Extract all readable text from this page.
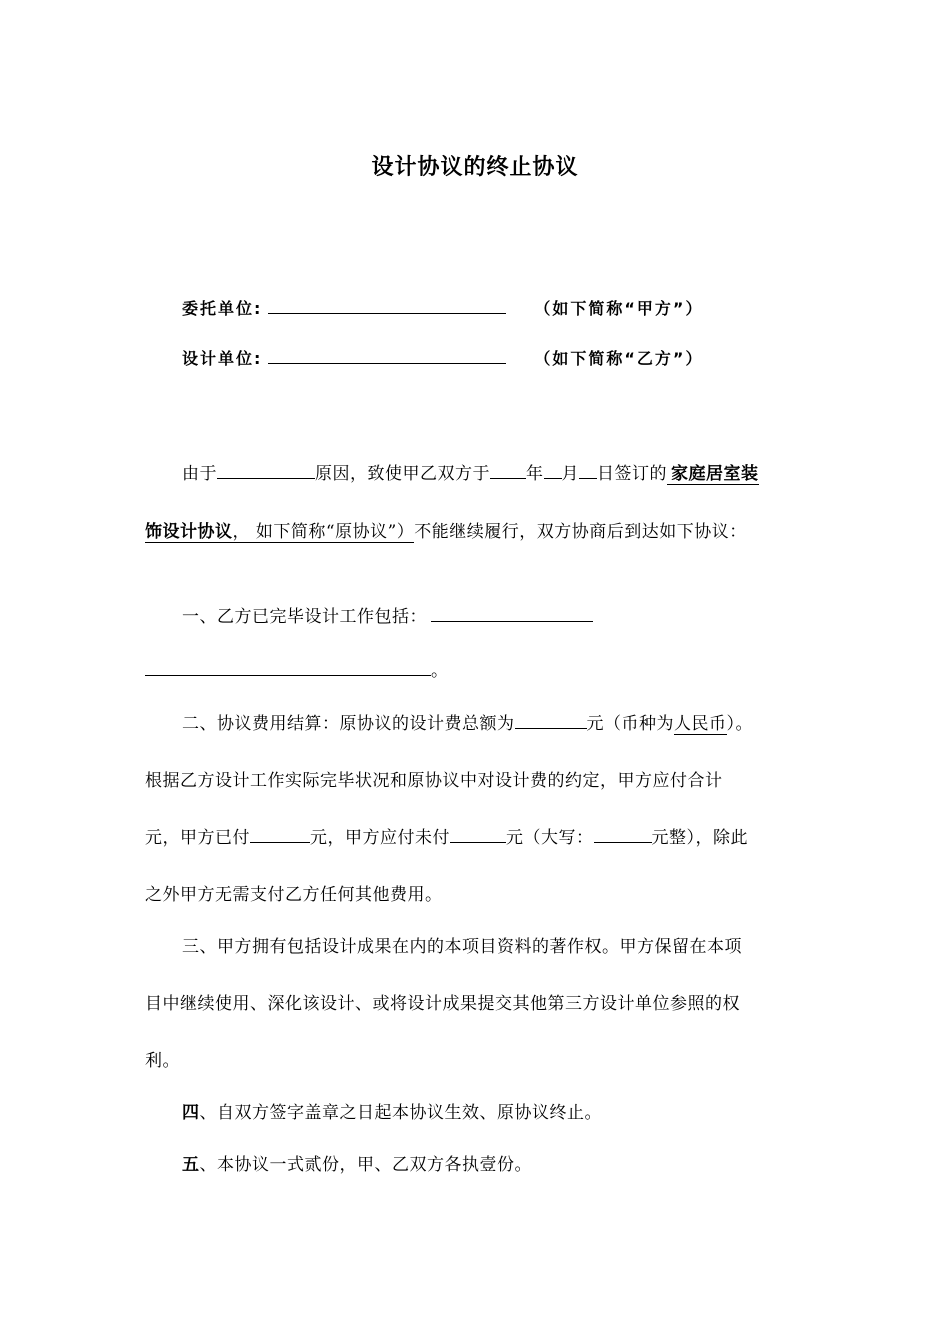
设计协议的终止协议
委托单位:	（如下简称“甲方”）
设计单位:	（如下简称“乙方”）
由于	原因，致使甲乙双方于 年 月 日签订的 家庭居室装
饰设计协议， 如下简称“原协议”）不能继续履行，双方协商后到达如下协议：
一、乙方已完毕设计工作包括：
。
二、协议费用结算：原协议的设计费总额为	元（币种为人民币）。
根据乙方设计工作实际完毕状况和原协议中对设计费的约定，甲方应付合计
元，甲方已付	元，甲方应付未付	元（大写：	元整），除此
之外甲方无需支付乙方任何其他费用。
三、甲方拥有包括设计成果在内的本项目资料的著作权。甲方保留在本项
目中继续使用、深化该设计、或将设计成果提交其他第三方设计单位参照的权
利。
四、自双方签字盖章之日起本协议生效、原协议终止。
五、本协议一式贰份，甲、乙双方各执壹份。
